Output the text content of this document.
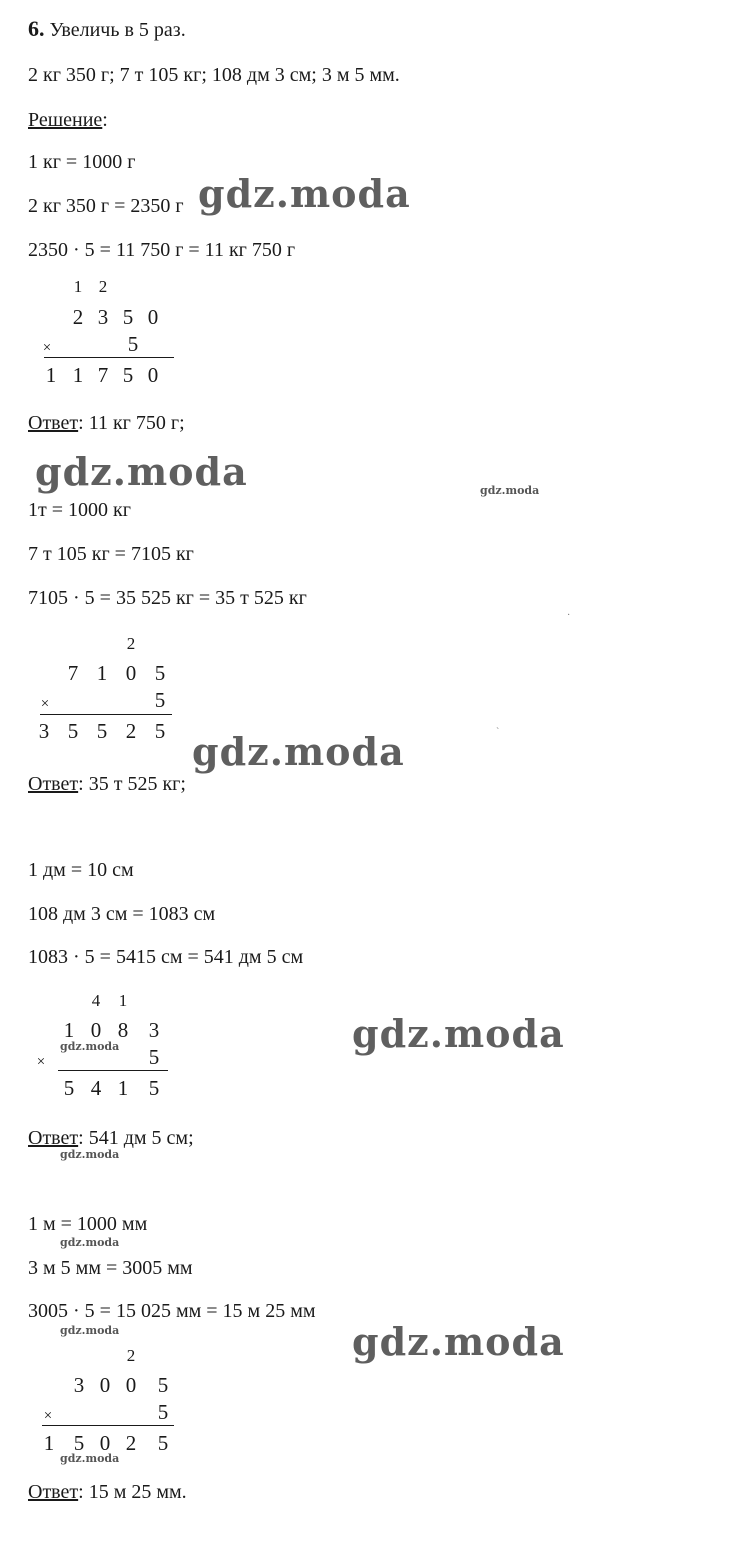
6. Увеличь в 5 раз.
2 кг 350 г; 7 т 105 кг; 108 дм 3 см; 3 м 5 мм.
Решение:
1 кг = 1000 г
2 кг 350 г = 2350 г
2350 · 5 = 11 750 г = 11 кг 750 г
1 2
2 3 5 0
×	5
1 1 7 5 0
Ответ: 11 кг 750 г;
1т = 1000 кг
7 т 105 кг = 7105 кг
7105 · 5 = 35 525 кг = 35 т 525 кг
2
7 1 0 5
×	5
3 5 5 2 5
Ответ: 35 т 525 кг;
1 дм = 10 см
108 дм 3 см = 1083 см
1083 · 5 = 5415 см = 541 дм 5 см
4	1
1 0 8 3
×	5
5 4 1 5
Ответ: 541 дм 5 см;
1 м = 1000 мм
3 м 5 мм = 3005 мм
3005 · 5 = 15 025 мм = 15 м 25 мм
2
3 0 0 5
×	5
1 5 0 2 5
Ответ: 15 м 25 мм.
gdz.moda
gdz.moda	gdz.moda
gdz.moda
gdz.moda
gdz.moda
gdz.moda
gdz.moda
gdz.moda	gdz.moda
gdz.moda
·
`
